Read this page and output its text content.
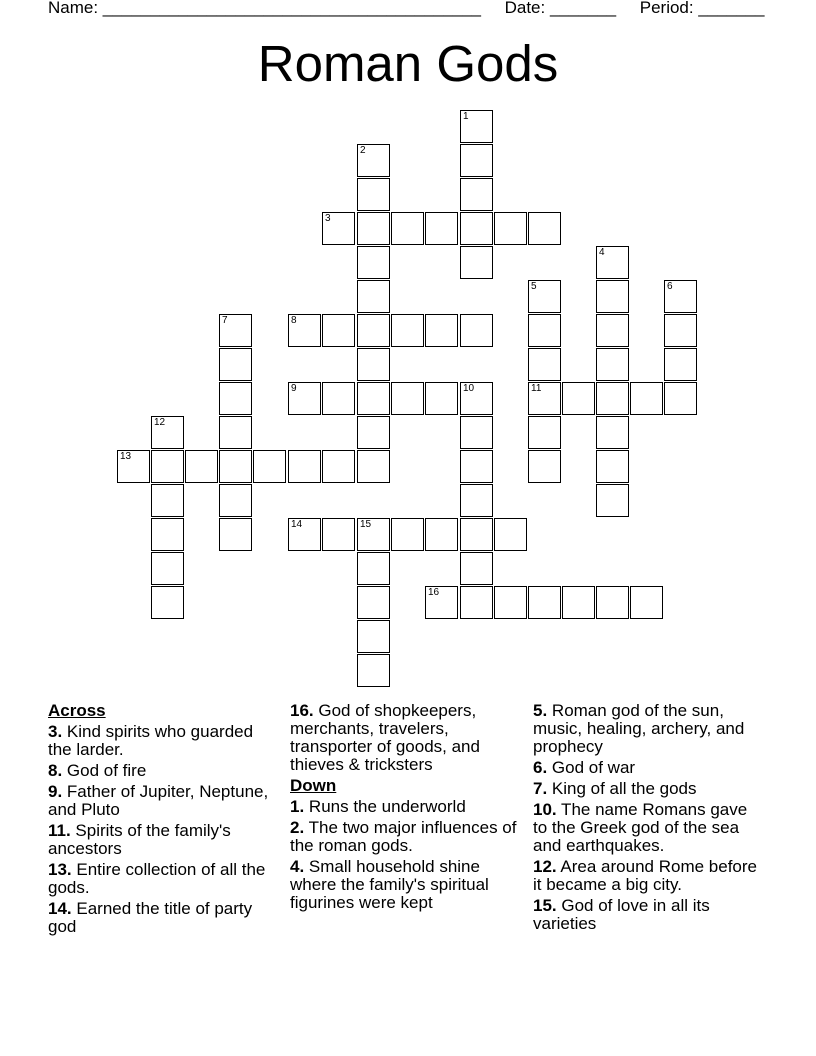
Name: ________________________________________     Date: _______     Period: _______
Roman Gods
1
2
3
4
5
11
6
7	8
9	10
12
13
14	15
16
Across
3. Kind spirits who guarded the larder.
8. God of fire
9. Father of Jupiter, Neptune, and Pluto
11. Spirits of the family's ancestors
13. Entire collection of all the gods.
14. Earned the title of party god
16. God of shopkeepers, merchants, travelers, transporter of goods, and thieves & tricksters
Down
1. Runs the underworld
2. The two major influences of the roman gods.
4. Small household shine where the family's spiritual figurines were kept
5. Roman god of the sun, music, healing, archery, and prophecy
6. God of war
7. King of all the gods
10. The name Romans gave to the Greek god of the sea and earthquakes.
12. Area around Rome before it became a big city.
15. God of love in all its varieties
